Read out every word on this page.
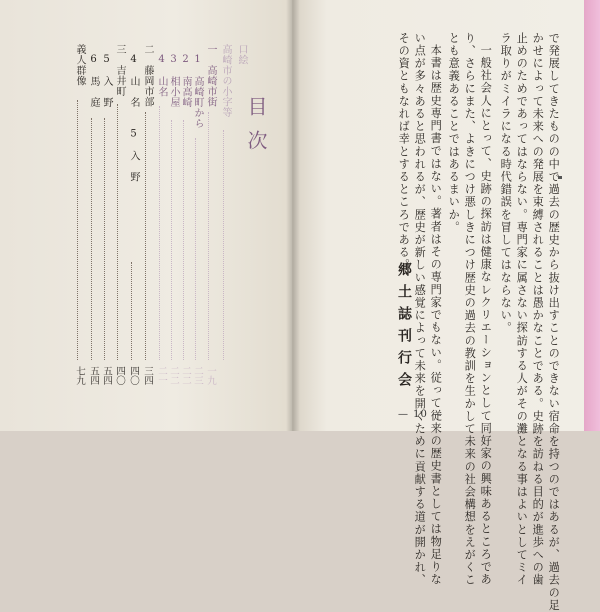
で発展してきたものの中で過去の歴史から抜け出すことのできない宿命を持つのではあるが、過去の足
かせによって未来への発展を束縛されることは愚かなことである。史跡を訪ねる目的が進歩への歯
止めのためであってはならない。専門家に属さない探訪する人がその灘となる事はよいとしてミイ
ラ取りがミイラになる時代錯誤を冒してはならない。
一般社会人にとって、史跡の探訪は健康なレクリエーションとして同好家の興味あるところであ
り、さらにまた、よきにつけ悪しきにつけ歴史の過去の教訓を生かして未来の社会構想をえがくこ
とも意義あることではあるまいか。
本書は歴史専門書ではない。著者はその専門家でもない。従って従来の歴史書としては物足りな
い点が多々あると思われるが、歴史が新しい感覚によって未来を開くために貢献する道が開かれ、
その資ともなれば幸とするところである。
郷土誌刊行会
— 10 —
目次
口絵
高崎市の小字等
一　高崎市街
一九
1　高崎町から
二三
2　南高崎
二二
3　相小屋
二二
4　山名
二一
二　藤岡市部
三四
4　山　名　　5　入　野
四〇
三　吉井町
四〇
5　入　野
五四
6　馬　庭
五四
義人群像
七九
